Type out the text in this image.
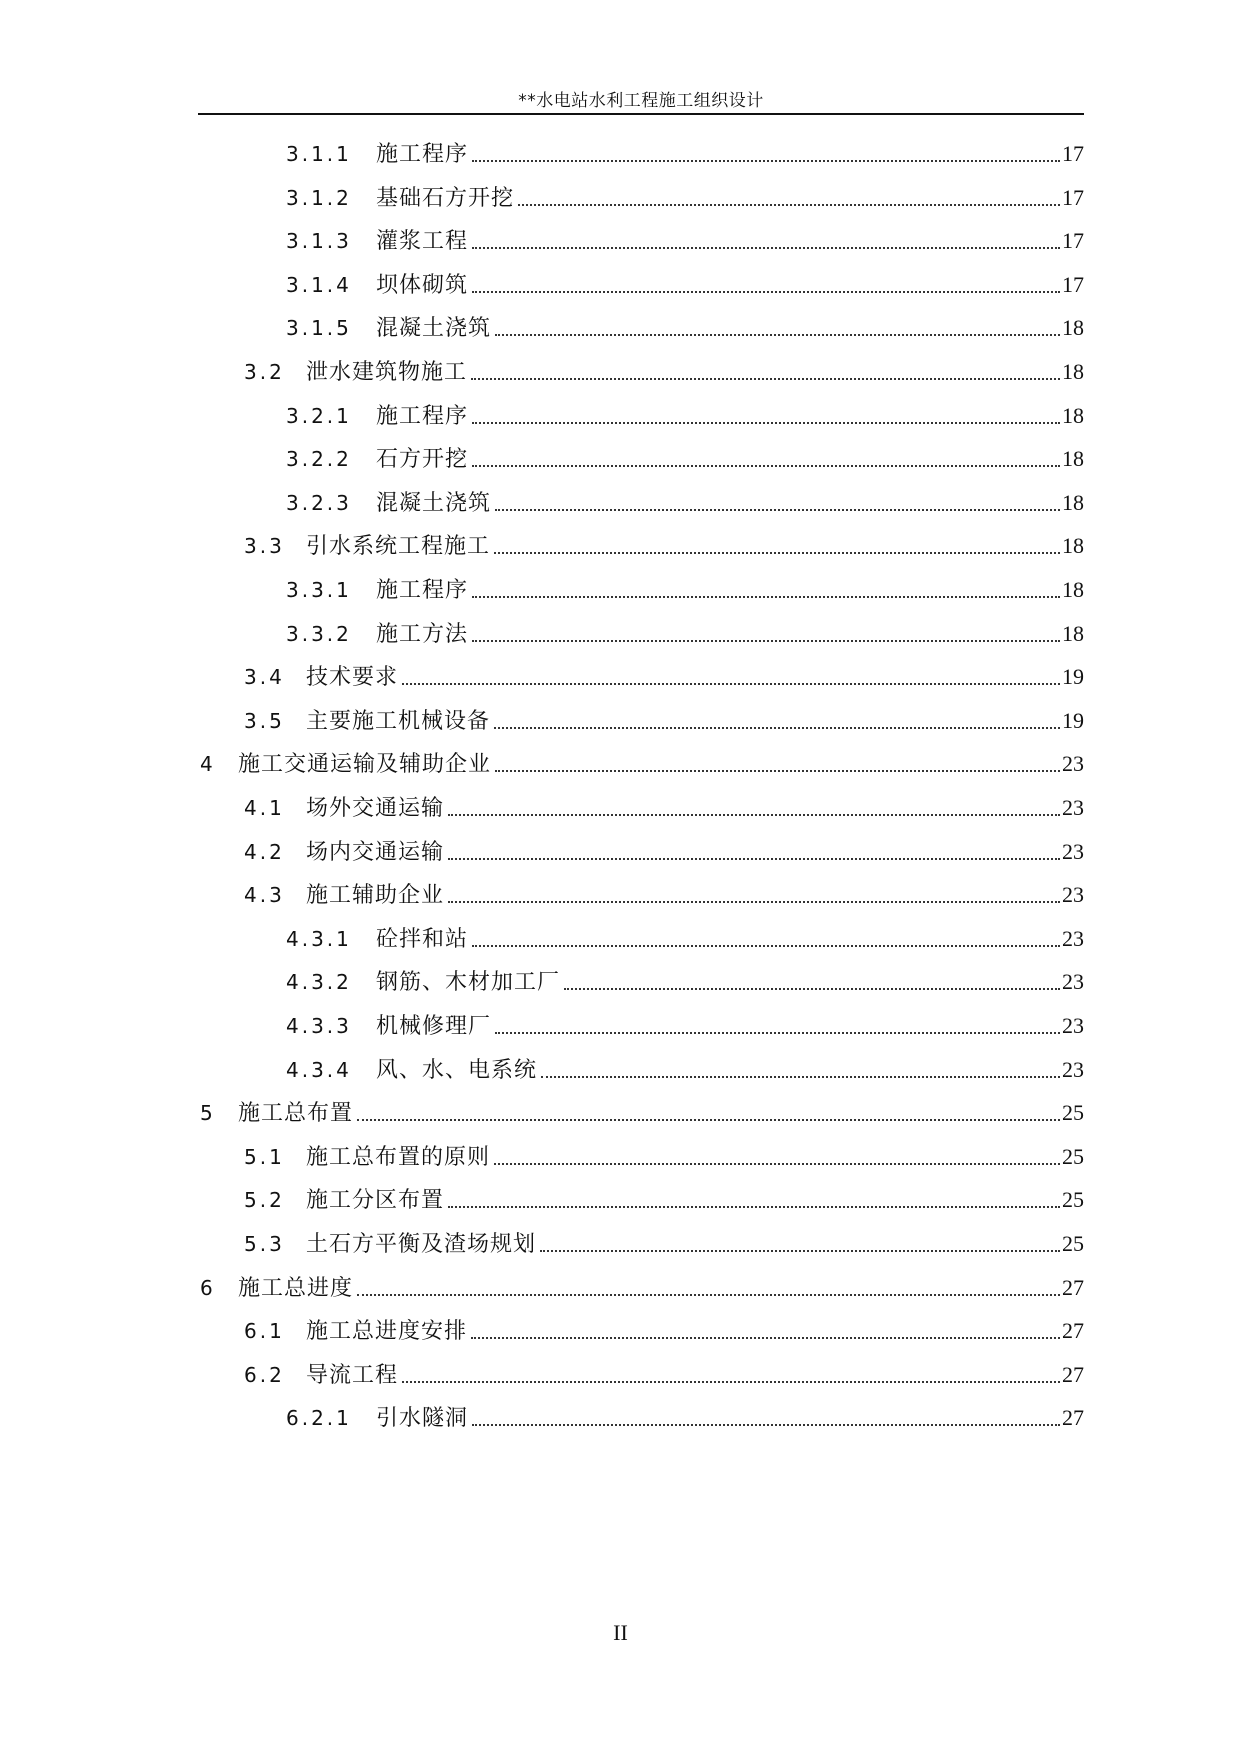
**水电站水利工程施工组织设计
3.1.1	施工程序	17
3.1.2	基础石方开挖	17
3.1.3	灌浆工程	17
3.1.4	坝体砌筑	17
3.1.5	混凝土浇筑	18
3.2 泄水建筑物施工	18
3.2.1	施工程序	18
3.2.2	石方开挖	18
3.2.3	混凝土浇筑	18
3.3 引水系统工程施工	18
3.3.1	施工程序	18
3.3.2	施工方法	18
3.4 技术要求	19
3.5 主要施工机械设备	19
4	施工交通运输及辅助企业	23
4.1 场外交通运输	23
4.2 场内交通运输	23
4.3 施工辅助企业	23
4.3.1	砼拌和站	23
4.3.2	钢筋、木材加工厂	23
4.3.3	机械修理厂	23
4.3.4	风、水、电系统	23
5	施工总布置	25
5.1 施工总布置的原则	25
5.2 施工分区布置	25
5.3 土石方平衡及渣场规划	25
6	施工总进度	27
6.1 施工总进度安排	27
6.2 导流工程	27
6.2.1	引水隧洞	27
II
